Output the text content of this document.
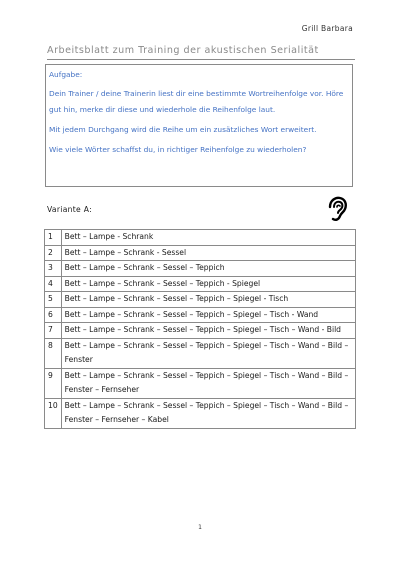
Grill Barbara
Arbeitsblatt zum Training der akustischen Serialität
Aufgabe:

Dein Trainer / deine Trainerin liest dir eine bestimmte Wortreihenfolge vor. Höre gut hin, merke dir diese und wiederhole die Reihenfolge laut.

Mit jedem Durchgang wird die Reihe um ein zusätzliches Wort erweitert.

Wie viele Wörter schaffst du, in richtiger Reihenfolge zu wiederholen?

Variante A:
1	Bett – Lampe - Schrank
2	Bett – Lampe – Schrank - Sessel
3	Bett – Lampe – Schrank – Sessel – Teppich
4	Bett – Lampe – Schrank – Sessel – Teppich - Spiegel
5	Bett – Lampe – Schrank – Sessel – Teppich – Spiegel - Tisch
6	Bett – Lampe – Schrank – Sessel – Teppich – Spiegel – Tisch - Wand
7	Bett – Lampe – Schrank – Sessel – Teppich – Spiegel – Tisch – Wand - Bild
8	Bett – Lampe – Schrank – Sessel – Teppich – Spiegel – Tisch – Wand – Bild – Fenster
9	Bett – Lampe – Schrank – Sessel – Teppich – Spiegel – Tisch – Wand – Bild – Fenster – Fernseher
10	Bett – Lampe – Schrank – Sessel – Teppich – Spiegel – Tisch – Wand – Bild – Fenster – Fernseher – Kabel
1
